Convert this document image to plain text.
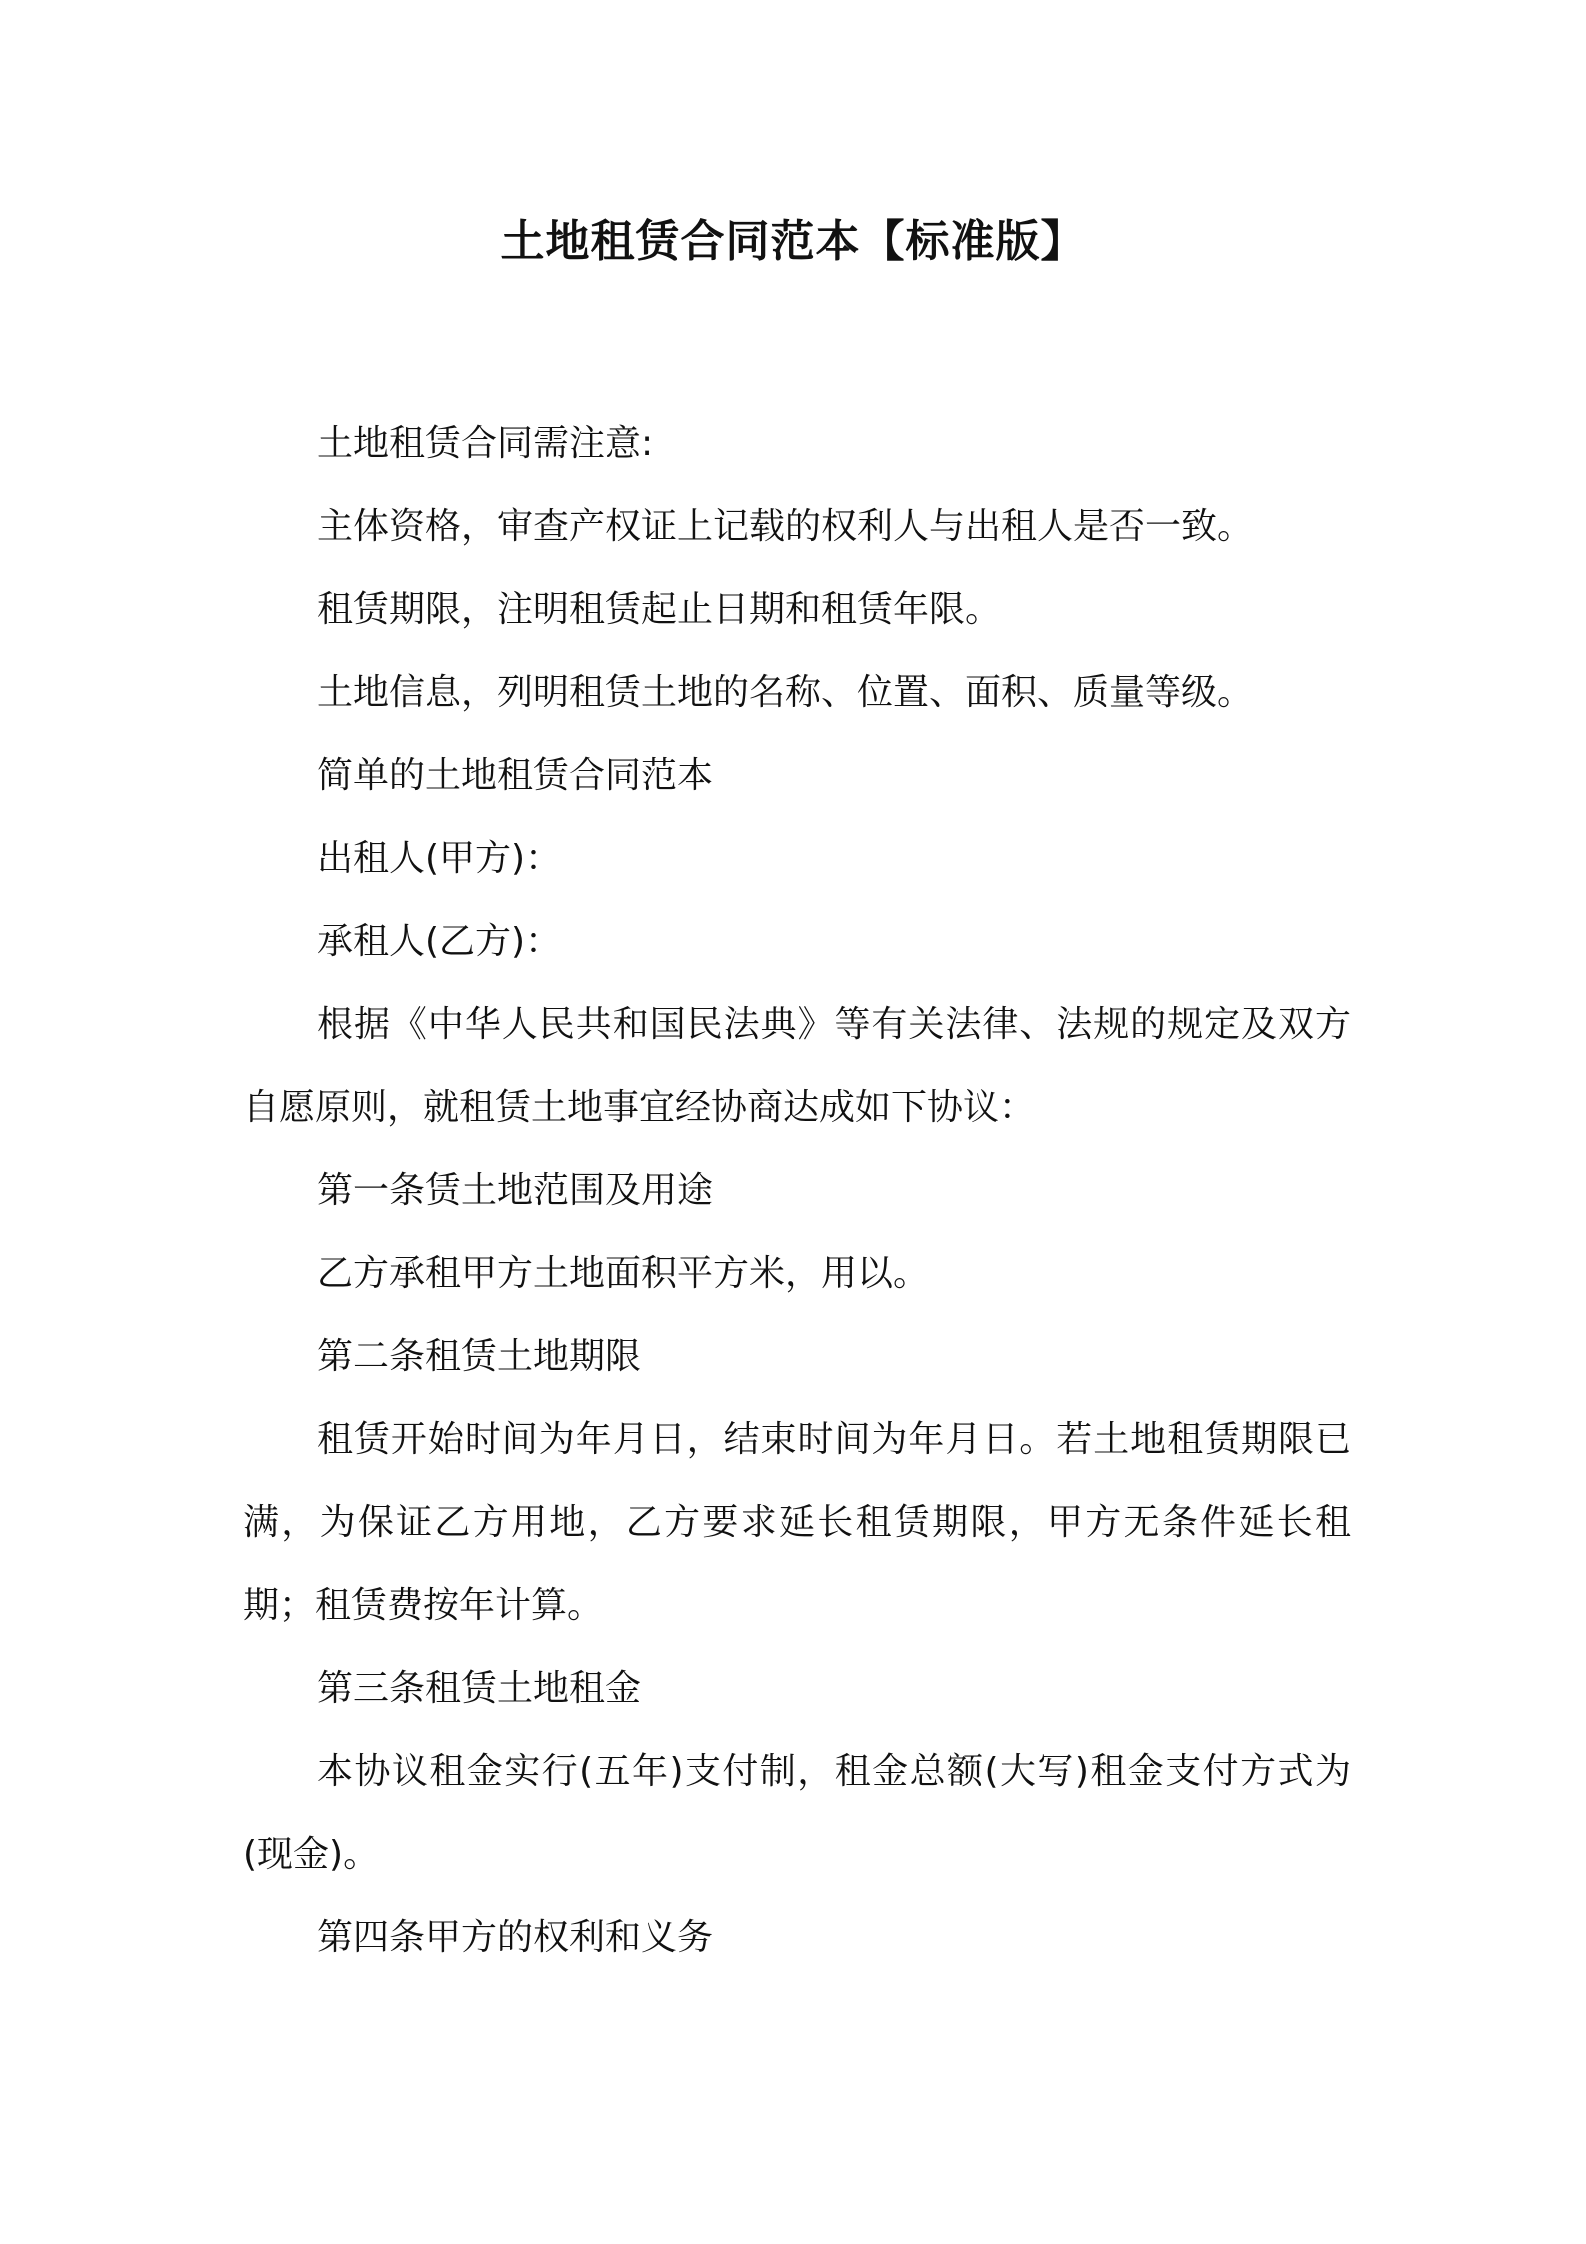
土地租赁合同范本【标准版】

土地租赁合同需注意:

主体资格，审查产权证上记载的权利人与出租人是否一致。

租赁期限，注明租赁起止日期和租赁年限。

土地信息，列明租赁土地的名称、位置、面积、质量等级。

简单的土地租赁合同范本

出租人(甲方)：

承租人(乙方)：

根据《中华人民共和国民法典》等有关法律、法规的规定及双方自愿原则，就租赁土地事宜经协商达成如下协议：

第一条赁土地范围及用途

乙方承租甲方土地面积平方米，用以。

第二条租赁土地期限

租赁开始时间为年月日，结束时间为年月日。若土地租赁期限已满，为保证乙方用地，乙方要求延长租赁期限，甲方无条件延长租期；租赁费按年计算。

第三条租赁土地租金

本协议租金实行(五年)支付制，租金总额(大写)租金支付方式为(现金)。

第四条甲方的权利和义务
